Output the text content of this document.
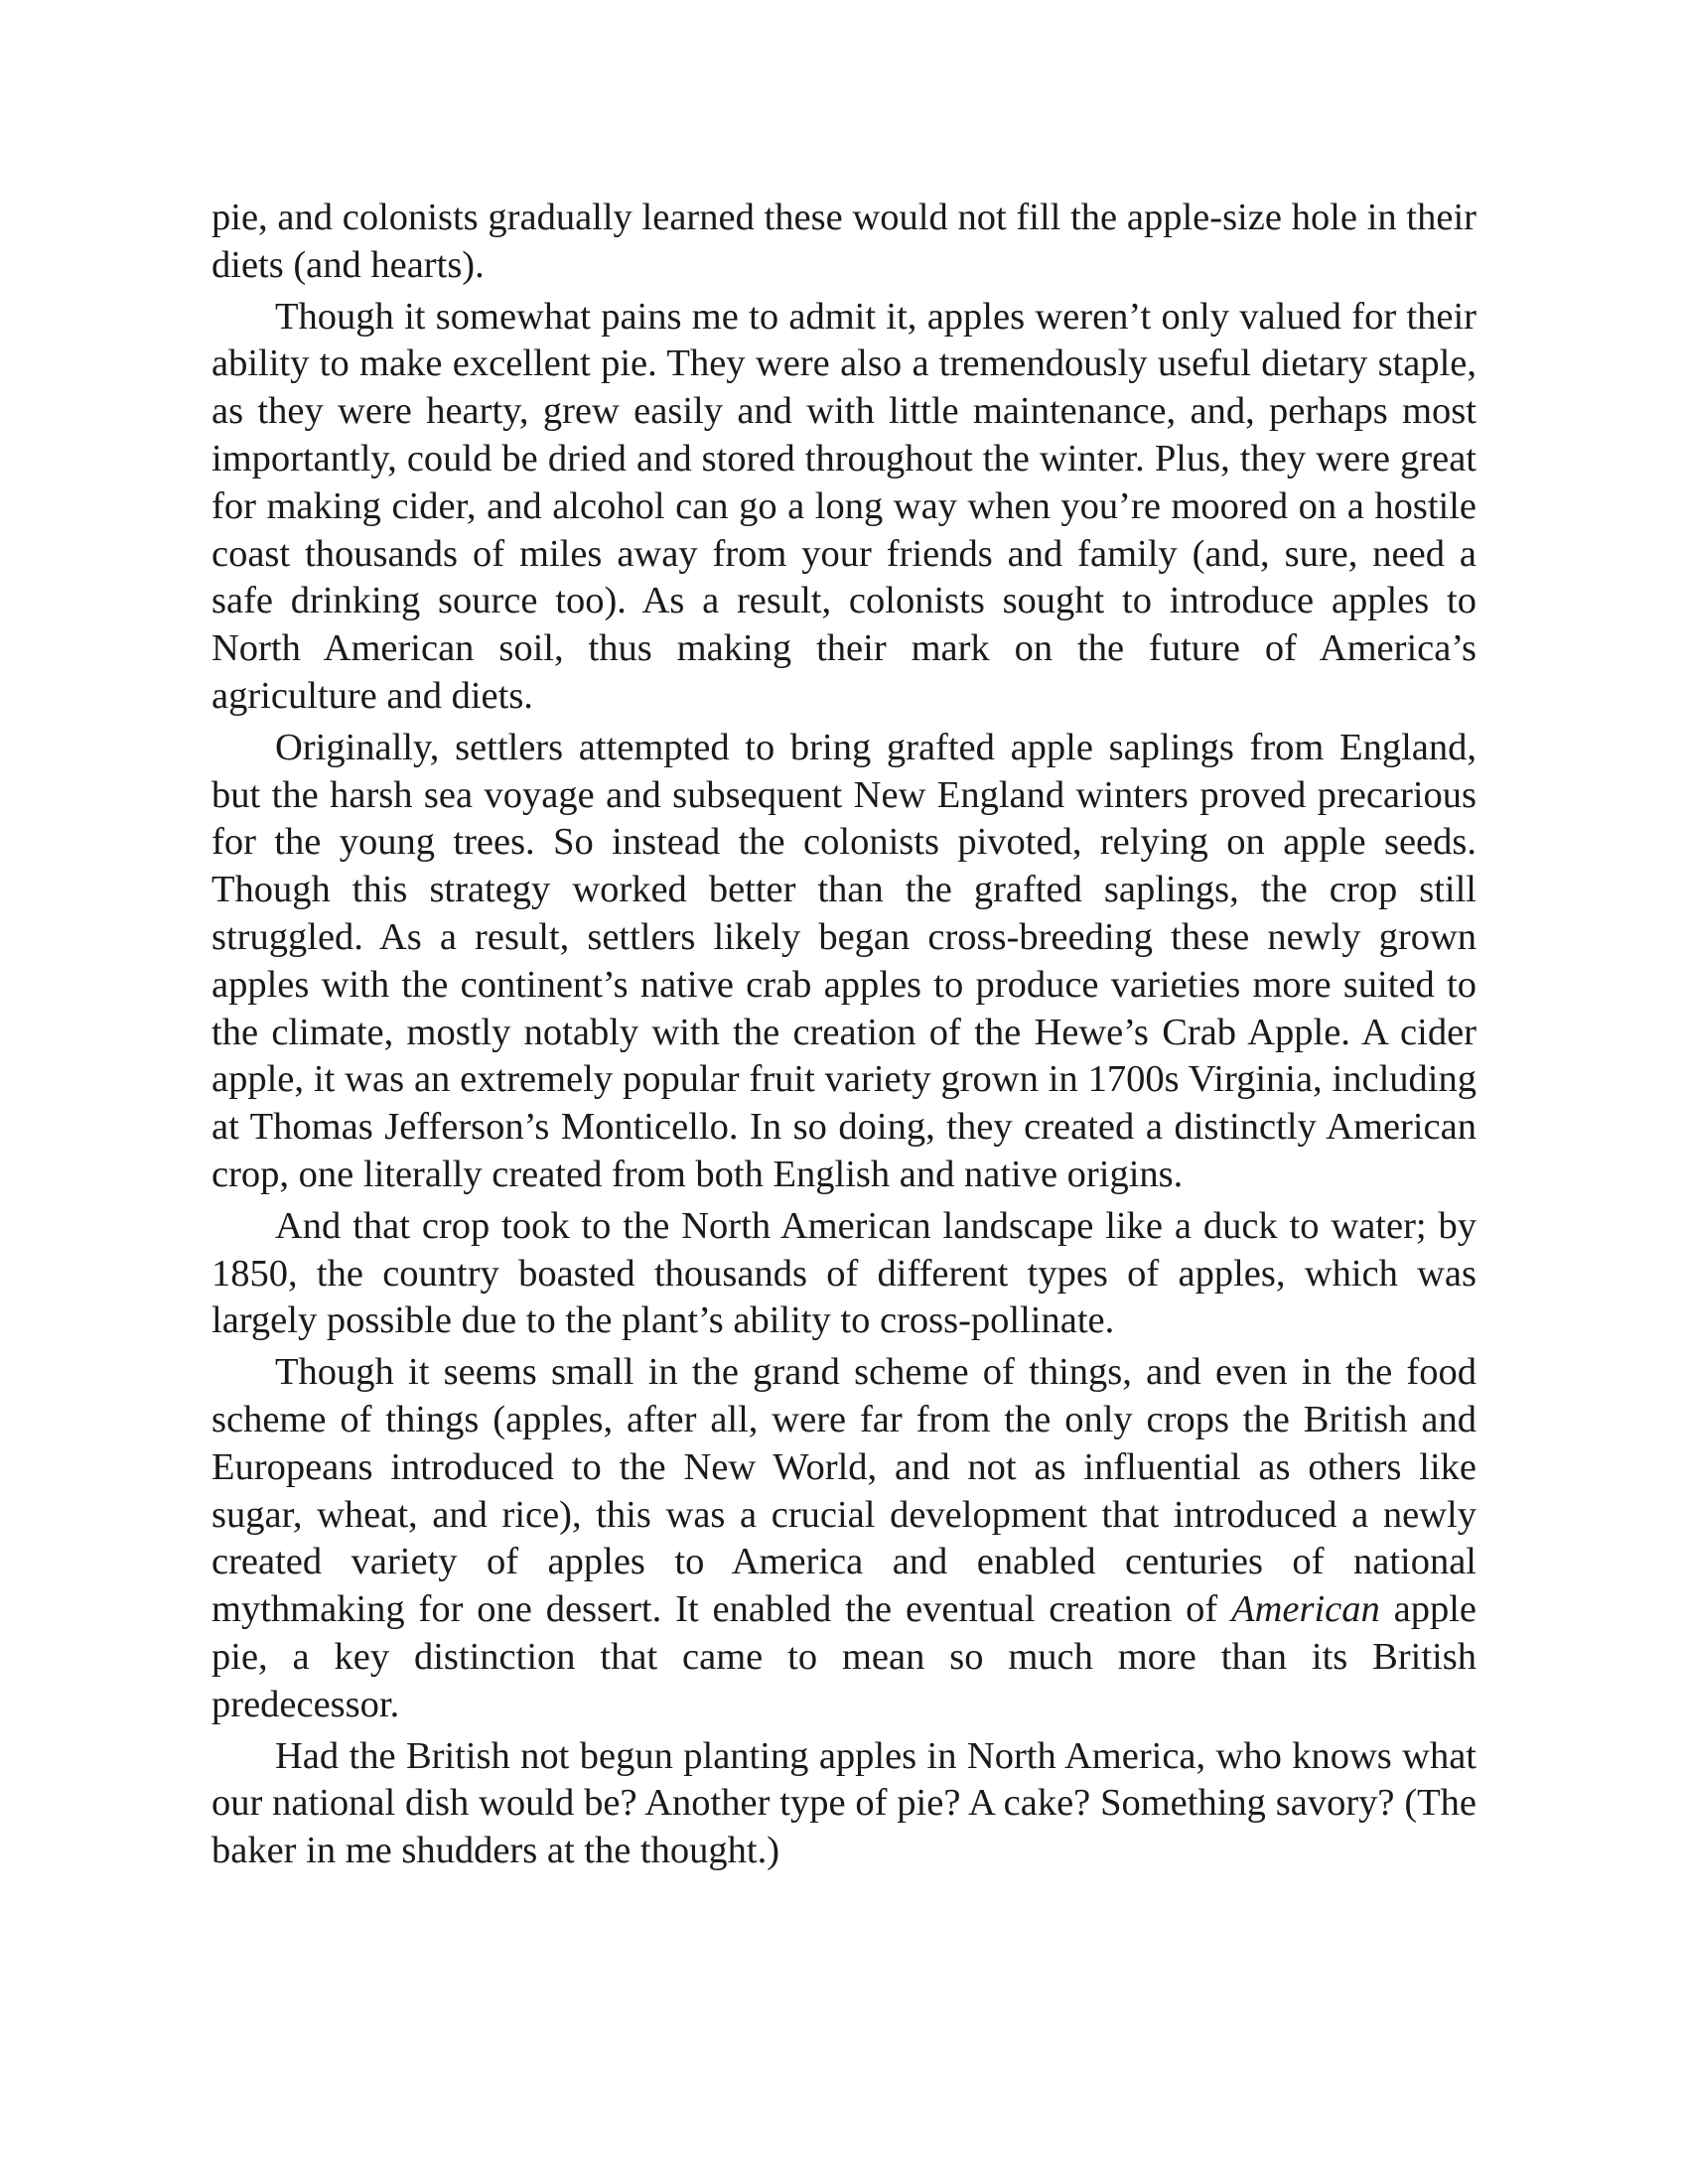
pie, and colonists gradually learned these would not fill the apple-size hole in their diets (and hearts).

Though it somewhat pains me to admit it, apples weren’t only valued for their ability to make excellent pie. They were also a tremendously useful dietary staple, as they were hearty, grew easily and with little maintenance, and, perhaps most importantly, could be dried and stored throughout the winter. Plus, they were great for making cider, and alcohol can go a long way when you’re moored on a hostile coast thousands of miles away from your friends and family (and, sure, need a safe drinking source too). As a result, colonists sought to introduce apples to North American soil, thus making their mark on the future of America’s agriculture and diets.

Originally, settlers attempted to bring grafted apple saplings from England, but the harsh sea voyage and subsequent New England winters proved precarious for the young trees. So instead the colonists pivoted, relying on apple seeds. Though this strategy worked better than the grafted saplings, the crop still struggled. As a result, settlers likely began cross-breeding these newly grown apples with the continent’s native crab apples to produce varieties more suited to the climate, mostly notably with the creation of the Hewe’s Crab Apple. A cider apple, it was an extremely popular fruit variety grown in 1700s Virginia, including at Thomas Jefferson’s Monticello. In so doing, they created a distinctly American crop, one literally created from both English and native origins.

And that crop took to the North American landscape like a duck to water; by 1850, the country boasted thousands of different types of apples, which was largely possible due to the plant’s ability to cross-pollinate.

Though it seems small in the grand scheme of things, and even in the food scheme of things (apples, after all, were far from the only crops the British and Europeans introduced to the New World, and not as influential as others like sugar, wheat, and rice), this was a crucial development that introduced a newly created variety of apples to America and enabled centuries of national mythmaking for one dessert. It enabled the eventual creation of American apple pie, a key distinction that came to mean so much more than its British predecessor.

Had the British not begun planting apples in North America, who knows what our national dish would be? Another type of pie? A cake? Something savory? (The baker in me shudders at the thought.)
